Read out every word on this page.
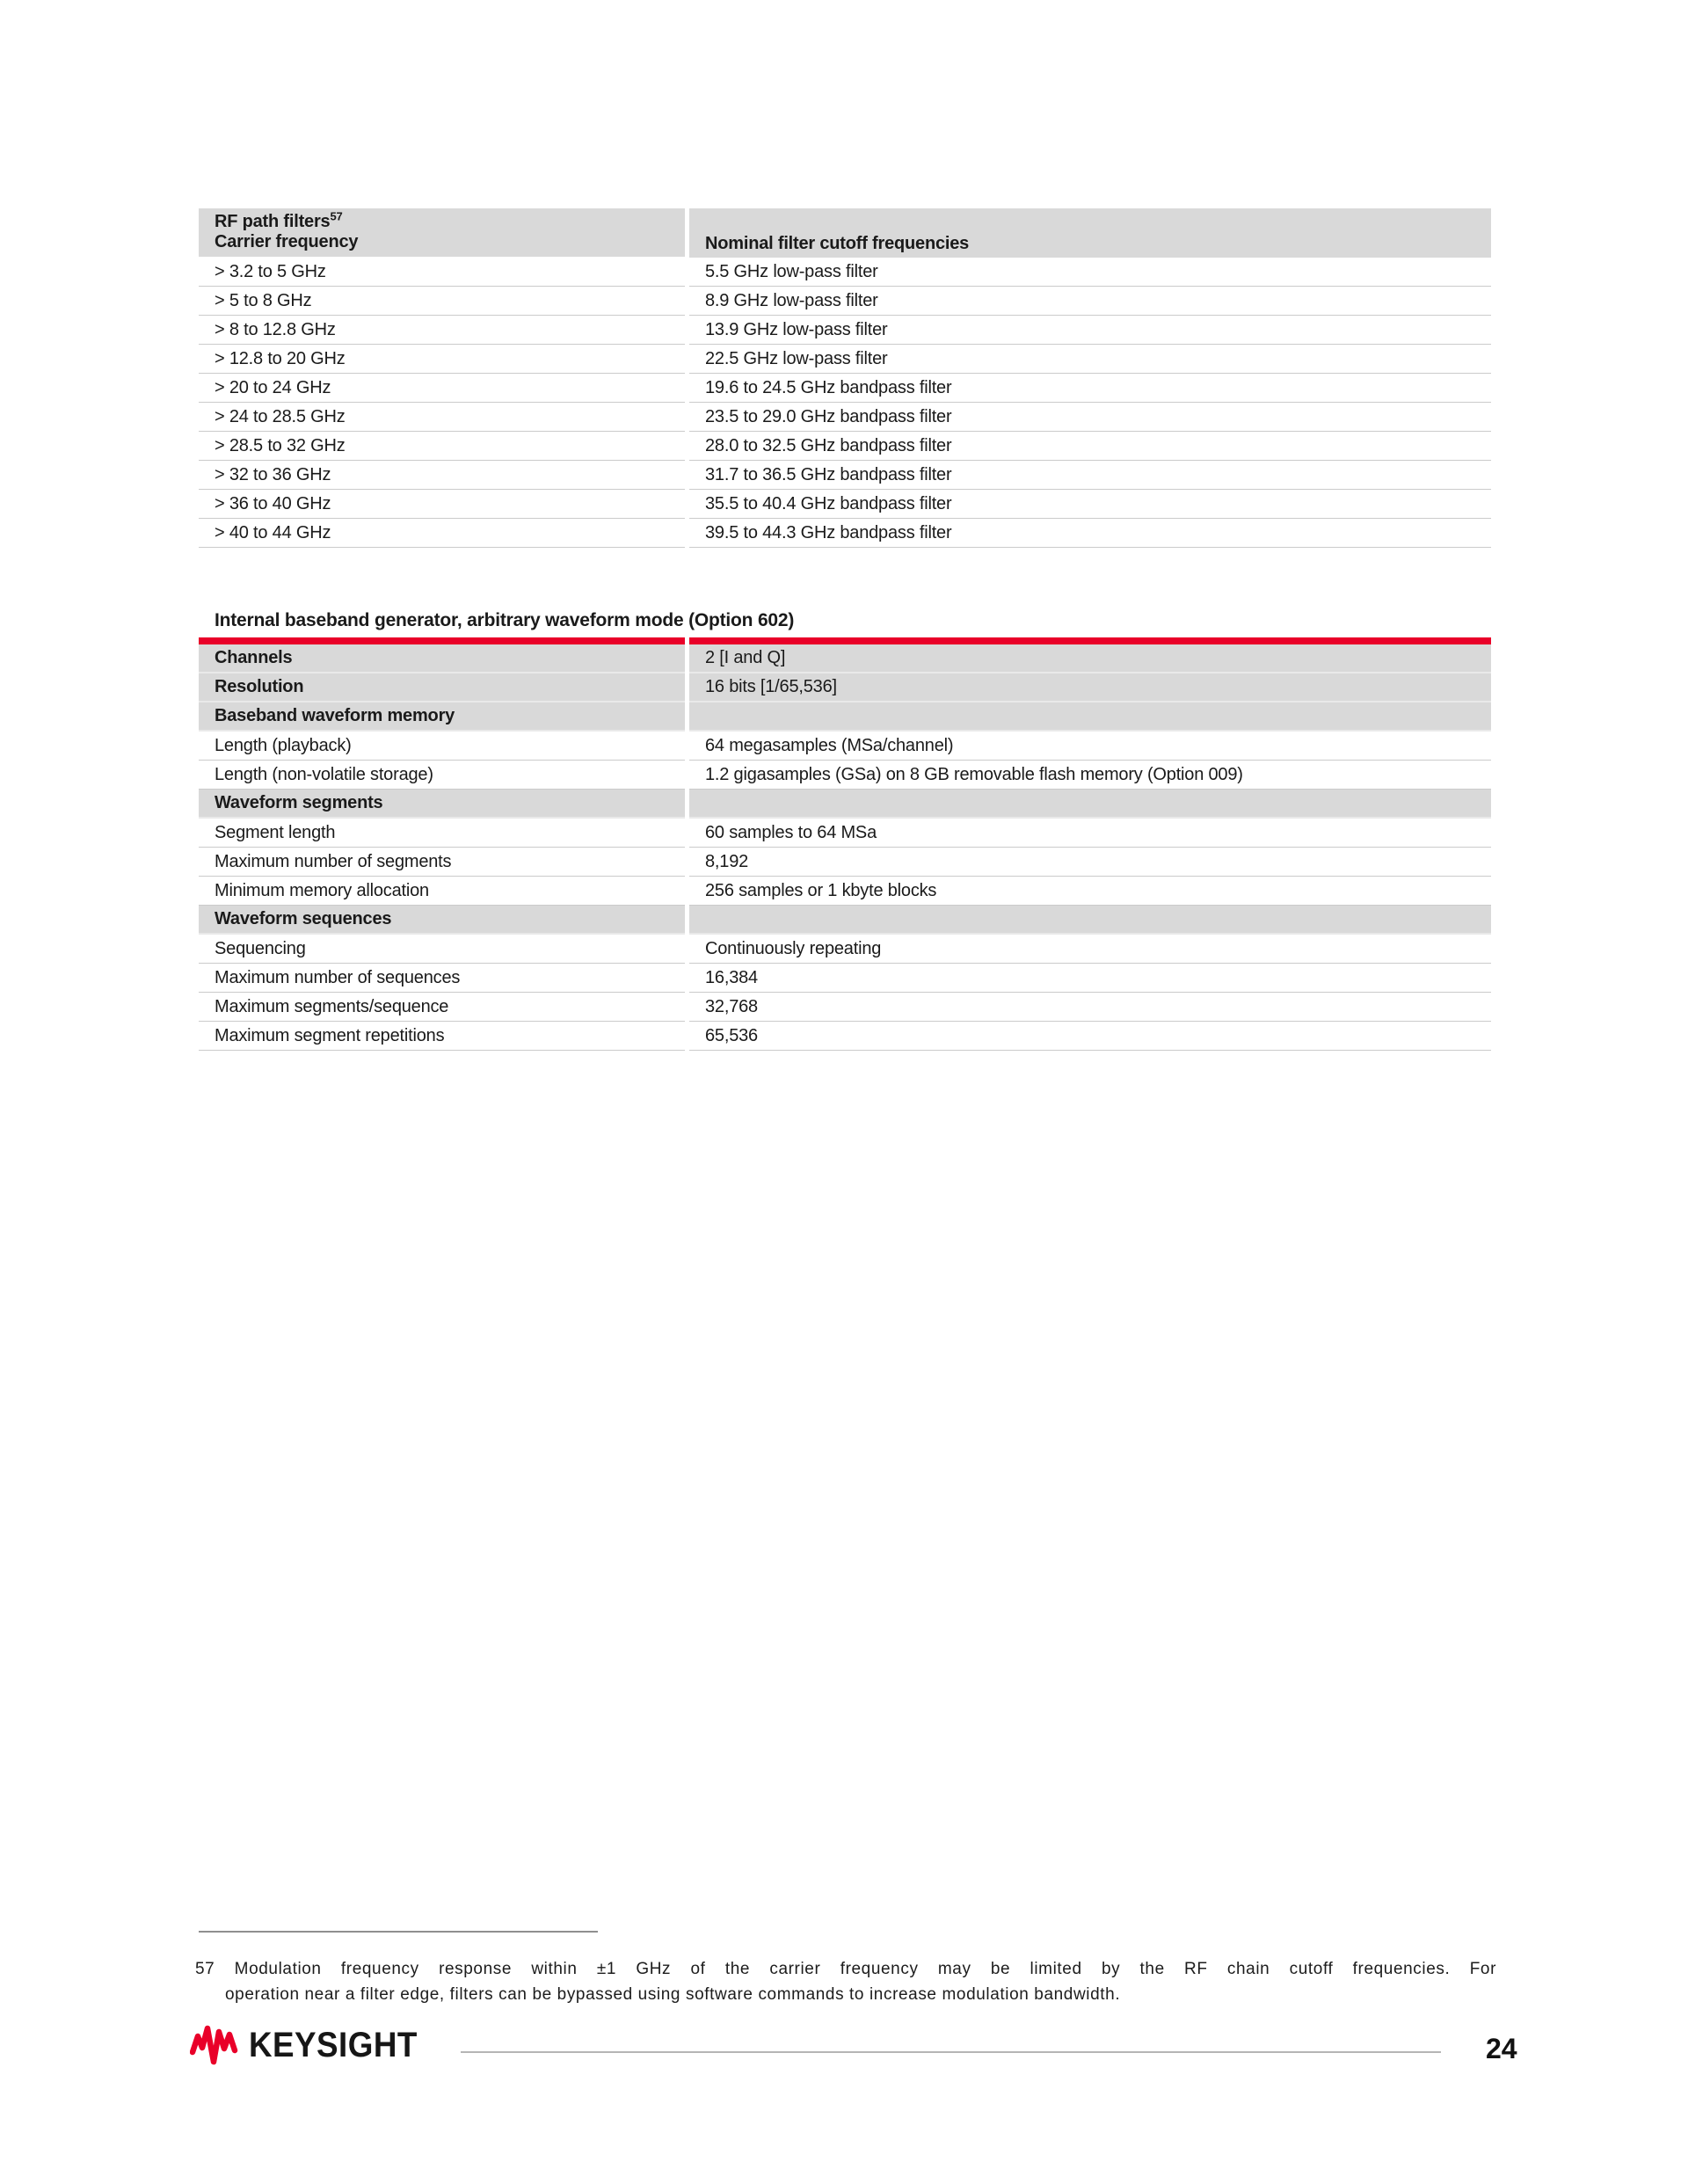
RF path filters$^{57}$
Carrier frequency	Nominal filter cutoff frequencies
> 3.2 to 5 GHz	5.5 GHz low-pass filter
> 5 to 8 GHz	8.9 GHz low-pass filter
> 8 to 12.8 GHz	13.9 GHz low-pass filter
> 12.8 to 20 GHz	22.5 GHz low-pass filter
> 20 to 24 GHz	19.6 to 24.5 GHz bandpass filter
> 24 to 28.5 GHz	23.5 to 29.0 GHz bandpass filter
> 28.5 to 32 GHz	28.0 to 32.5 GHz bandpass filter
> 32 to 36 GHz	31.7 to 36.5 GHz bandpass filter
> 36 to 40 GHz	35.5 to 40.4 GHz bandpass filter
> 40 to 44 GHz	39.5 to 44.3 GHz bandpass filter
Internal baseband generator, arbitrary waveform mode (Option 602)
Channels	2 [I and Q]
Resolution	16 bits [1/65,536]
Baseband waveform memory
Length (playback)	64 megasamples (MSa/channel)
Length (non-volatile storage)	1.2 gigasamples (GSa) on 8 GB removable flash memory (Option 009)
Waveform segments
Segment length	60 samples to 64 MSa
Maximum number of segments	8,192
Minimum memory allocation	256 samples or 1 kbyte blocks
Waveform sequences
Sequencing	Continuously repeating
Maximum number of sequences	16,384
Maximum segments/sequence	32,768
Maximum segment repetitions	65,536

57 Modulation frequency response within ±1 GHz of the carrier frequency may be limited by the RF chain cutoff frequencies. For
operation near a filter edge, filters can be bypassed using software commands to increase modulation bandwidth.

KEYSIGHT	24
